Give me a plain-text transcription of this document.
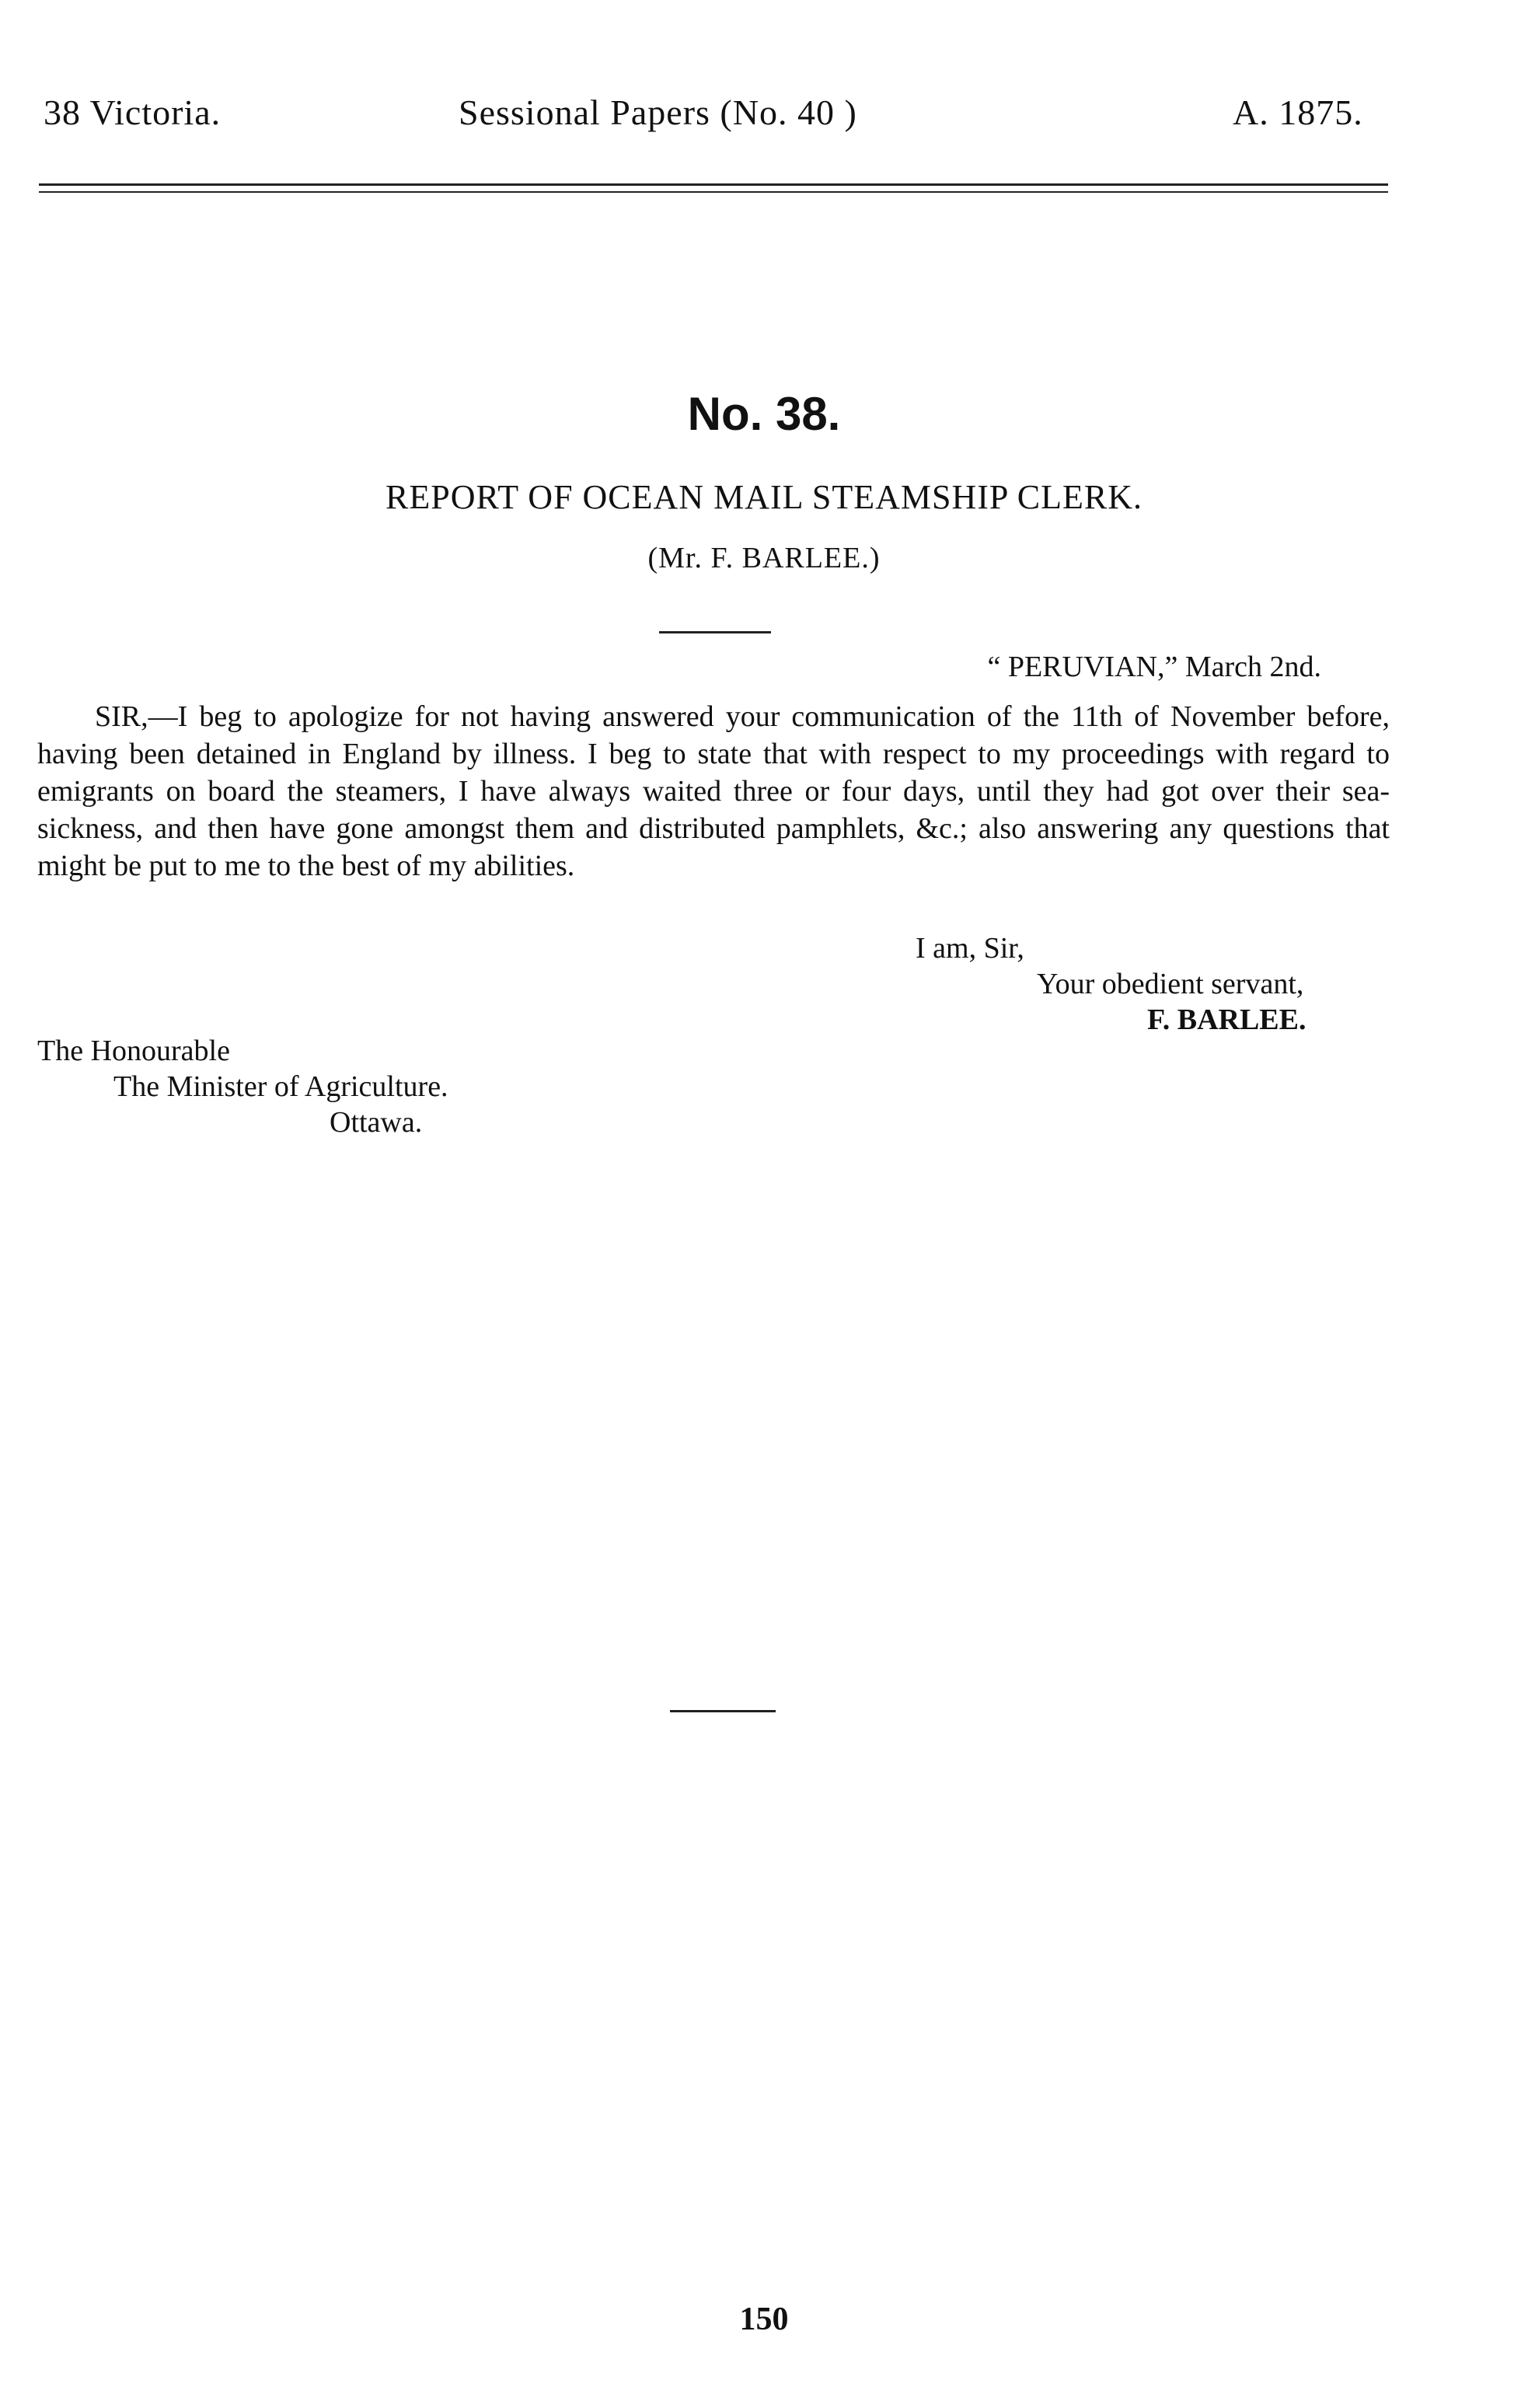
38 Victoria.	Sessional Papers (No. 40 )	A. 1875.
No. 38.
REPORT OF OCEAN MAIL STEAMSHIP CLERK.
(Mr. F. BARLEE.)
“ PERUVIAN,” March 2nd.

SIR,—I beg to apologize for not having answered your communication of the 11th of November before, having been detained in England by illness. I beg to state that with respect to my proceedings with regard to emigrants on board the steamers, I have always waited three or four days, until they had got over their sea-sickness, and then have gone amongst them and distributed pamphlets, &c.; also answering any questions that might be put to me to the best of my abilities.

I am, Sir,
Your obedient servant,
F. BARLEE.
The Honourable
The Minister of Agriculture.
Ottawa.
150
